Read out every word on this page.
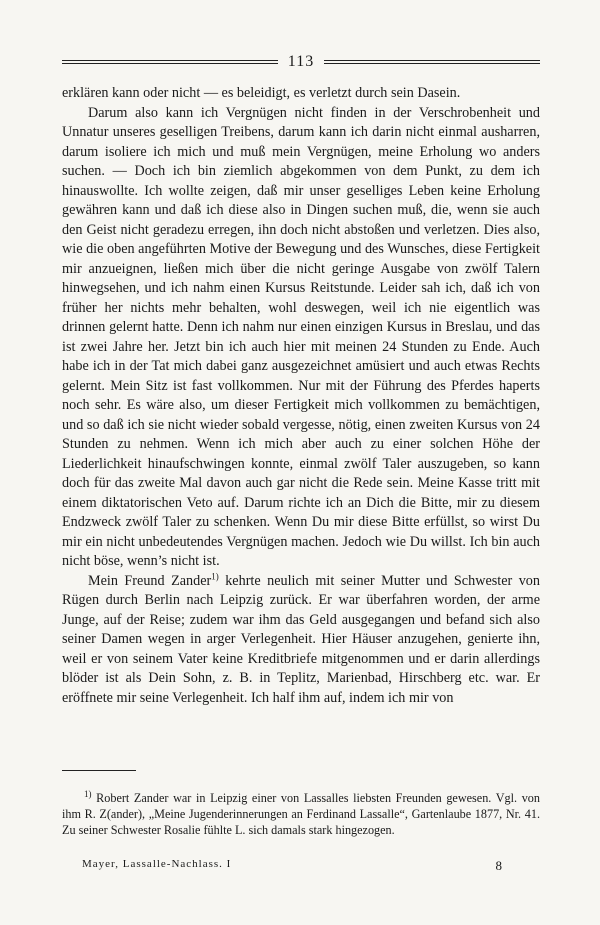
113

erklären kann oder nicht — es beleidigt, es verletzt durch sein Dasein.

Darum also kann ich Vergnügen nicht finden in der Verschrobenheit und Unnatur unseres geselligen Treibens, darum kann ich darin nicht einmal ausharren, darum isoliere ich mich und muß mein Vergnügen, meine Erholung wo anders suchen. — Doch ich bin ziemlich abgekommen von dem Punkt, zu dem ich hinauswollte. Ich wollte zeigen, daß mir unser geselliges Leben keine Erholung gewähren kann und daß ich diese also in Dingen suchen muß, die, wenn sie auch den Geist nicht geradezu erregen, ihn doch nicht abstoßen und verletzen. Dies also, wie die oben angeführten Motive der Bewegung und des Wunsches, diese Fertigkeit mir anzueignen, ließen mich über die nicht geringe Ausgabe von zwölf Talern hinwegsehen, und ich nahm einen Kursus Reitstunde. Leider sah ich, daß ich von früher her nichts mehr behalten, wohl deswegen, weil ich nie eigentlich was drinnen gelernt hatte. Denn ich nahm nur einen einzigen Kursus in Breslau, und das ist zwei Jahre her. Jetzt bin ich auch hier mit meinen 24 Stunden zu Ende. Auch habe ich in der Tat mich dabei ganz ausgezeichnet amüsiert und auch etwas Rechts gelernt. Mein Sitz ist fast vollkommen. Nur mit der Führung des Pferdes haperts noch sehr. Es wäre also, um dieser Fertigkeit mich vollkommen zu bemächtigen, und so daß ich sie nicht wieder sobald vergesse, nötig, einen zweiten Kursus von 24 Stunden zu nehmen. Wenn ich mich aber auch zu einer solchen Höhe der Liederlichkeit hinaufschwingen konnte, einmal zwölf Taler auszugeben, so kann doch für das zweite Mal davon auch gar nicht die Rede sein. Meine Kasse tritt mit einem diktatorischen Veto auf. Darum richte ich an Dich die Bitte, mir zu diesem Endzweck zwölf Taler zu schenken. Wenn Du mir diese Bitte erfüllst, so wirst Du mir ein nicht unbedeutendes Vergnügen machen. Jedoch wie Du willst. Ich bin auch nicht böse, wenn’s nicht ist.

Mein Freund Zander$^{1)}$ kehrte neulich mit seiner Mutter und Schwester von Rügen durch Berlin nach Leipzig zurück. Er war überfahren worden, der arme Junge, auf der Reise; zudem war ihm das Geld ausgegangen und befand sich also seiner Damen wegen in arger Verlegenheit. Hier Häuser anzugehen, genierte ihn, weil er von seinem Vater keine Kreditbriefe mitgenommen und er darin allerdings blöder ist als Dein Sohn, z. B. in Teplitz, Marienbad, Hirschberg etc. war. Er eröffnete mir seine Verlegenheit. Ich half ihm auf, indem ich mir von

$^{1)}$ Robert Zander war in Leipzig einer von Lassalles liebsten Freunden gewesen. Vgl. von ihm R. Z(ander), „Meine Jugenderinnerungen an Ferdinand Lassalle“, Gartenlaube 1877, Nr. 41. Zu seiner Schwester Rosalie fühlte L. sich damals stark hingezogen.

Mayer, Lassalle-Nachlass. I	8
